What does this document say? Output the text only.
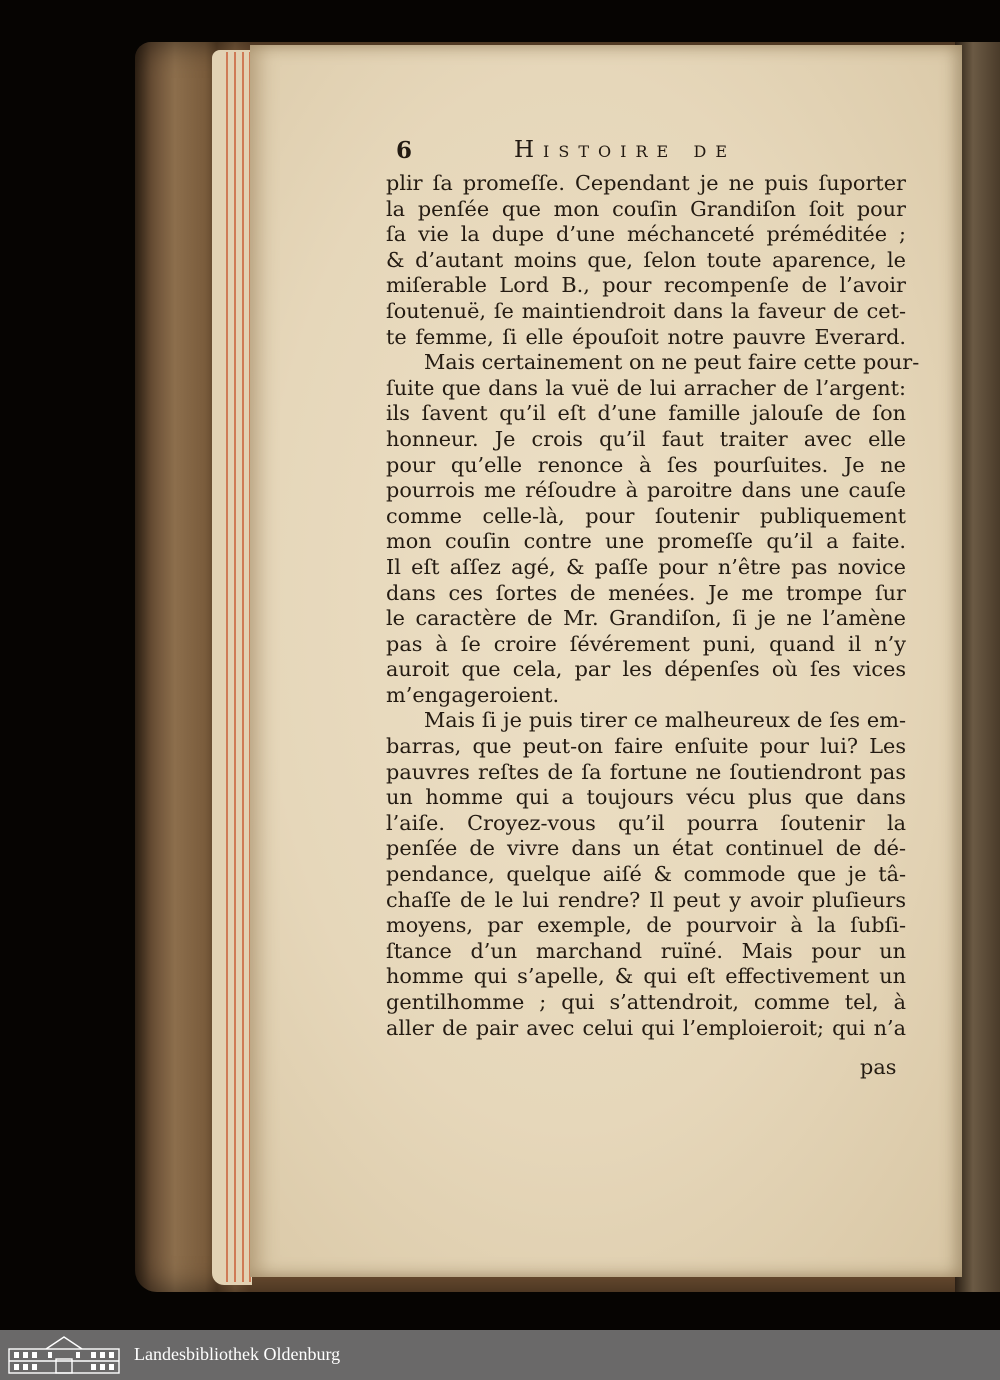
6	Histoire de
plir ſa promeſſe. Cependant je ne puis ſuporter
la penſée que mon couſin Grandiſon ſoit pour
ſa vie la dupe d’une méchanceté préméditée ;
& d’autant moins que, ſelon toute aparence, le
miſerable Lord B., pour recompenſe de l’avoir
ſoutenuë, ſe maintiendroit dans la faveur de cet-
te femme, ſi elle épouſoit notre pauvre Everard.
Mais certainement on ne peut faire cette pour-
ſuite que dans la vuë de lui arracher de l’argent:
ils ſavent qu’il eſt d’une famille jalouſe de ſon
honneur. Je crois qu’il faut traiter avec elle
pour qu’elle renonce à ſes pourſuites. Je ne
pourrois me réſoudre à paroitre dans une cauſe
comme celle-là, pour ſoutenir publiquement
mon couſin contre une promeſſe qu’il a faite.
Il eſt aſſez agé, & paſſe pour n’être pas novice
dans ces ſortes de menées. Je me trompe ſur
le caractère de Mr. Grandiſon, ſi je ne l’amène
pas à ſe croire ſévérement puni, quand il n’y
auroit que cela, par les dépenſes où ſes vices
m’engageroient.
Mais ſi je puis tirer ce malheureux de ſes em-
barras, que peut-on faire enſuite pour lui? Les
pauvres reſtes de ſa fortune ne ſoutiendront pas
un homme qui a toujours vécu plus que dans
l’aiſe. Croyez-vous qu’il pourra ſoutenir la
penſée de vivre dans un état continuel de dé-
pendance, quelque aiſé & commode que je tâ-
chaſſe de le lui rendre? Il peut y avoir pluſieurs
moyens, par exemple, de pourvoir à la ſubſi-
ſtance d’un marchand ruïné. Mais pour un
homme qui s’apelle, & qui eſt effectivement un
gentilhomme ; qui s’attendroit, comme tel, à
aller de pair avec celui qui l’emploieroit; qui n’a
pas
Landesbibliothek Oldenburg
